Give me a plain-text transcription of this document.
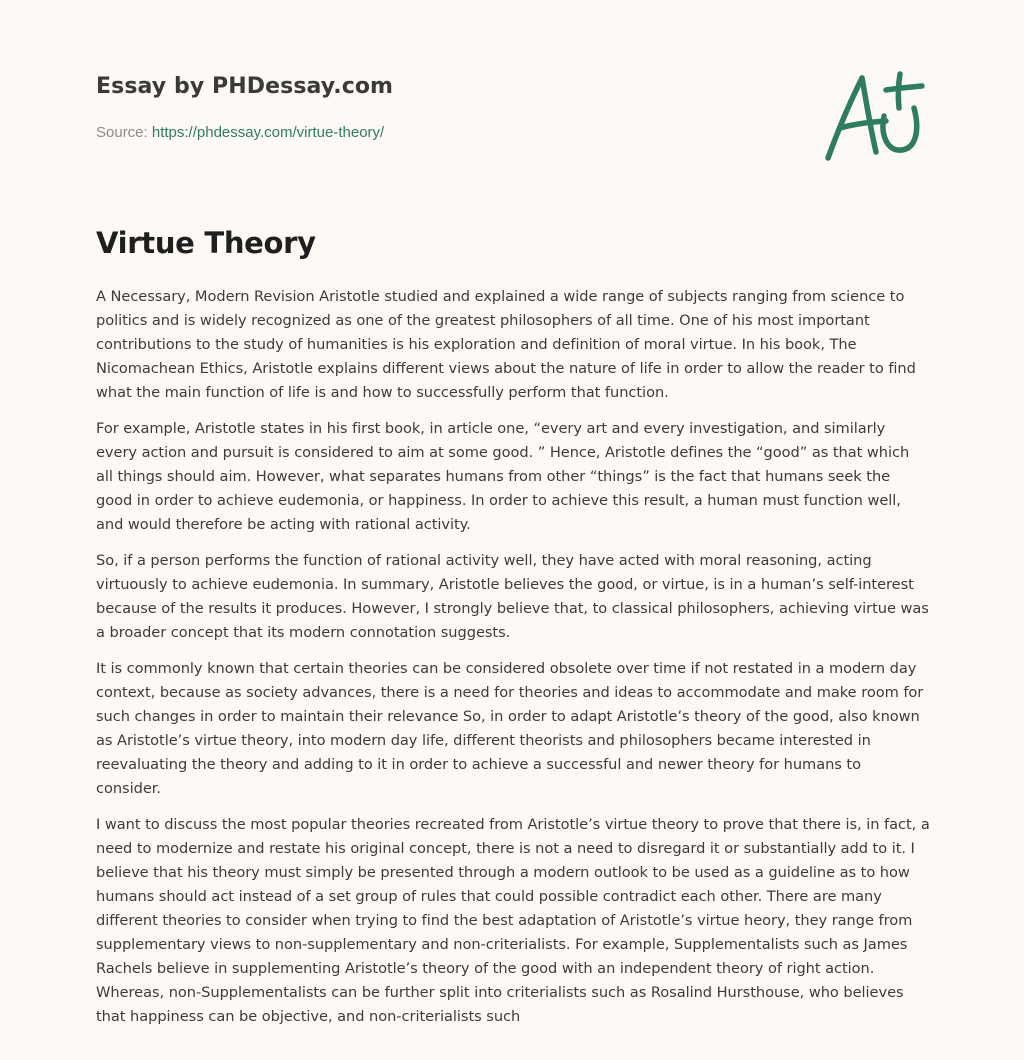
Essay by PHDessay.com
Source: https://phdessay.com/virtue-theory/
Virtue Theory

A Necessary, Modern Revision Aristotle studied and explained a wide range of subjects ranging from science to politics and is widely recognized as one of the greatest philosophers of all time. One of his most important contributions to the study of humanities is his exploration and definition of moral virtue. In his book, The Nicomachean Ethics, Aristotle explains different views about the nature of life in order to allow the reader to find what the main function of life is and how to successfully perform that function.

For example, Aristotle states in his first book, in article one, “every art and every investigation, and similarly every action and pursuit is considered to aim at some good. ” Hence, Aristotle defines the “good” as that which all things should aim. However, what separates humans from other “things” is the fact that humans seek the good in order to achieve eudemonia, or happiness. In order to achieve this result, a human must function well, and would therefore be acting with rational activity.

So, if a person performs the function of rational activity well, they have acted with moral reasoning, acting virtuously to achieve eudemonia. In summary, Aristotle believes the good, or virtue, is in a human’s self-interest because of the results it produces. However, I strongly believe that, to classical philosophers, achieving virtue was a broader concept that its modern connotation suggests.

It is commonly known that certain theories can be considered obsolete over time if not restated in a modern day context, because as society advances, there is a need for theories and ideas to accommodate and make room for such changes in order to maintain their relevance So, in order to adapt Aristotle’s theory of the good, also known as Aristotle’s virtue theory, into modern day life, different theorists and philosophers became interested in reevaluating the theory and adding to it in order to achieve a successful and newer theory for humans to consider.

I want to discuss the most popular theories recreated from Aristotle’s virtue theory to prove that there is, in fact, a need to modernize and restate his original concept, there is not a need to disregard it or substantially add to it. I believe that his theory must simply be presented through a modern outlook to be used as a guideline as to how humans should act instead of a set group of rules that could possible contradict each other. There are many different theories to consider when trying to find the best adaptation of Aristotle’s virtue heory, they range from supplementary views to non-supplementary and non-criterialists. For example, Supplementalists such as James Rachels believe in supplementing Aristotle’s theory of the good with an independent theory of right action. Whereas, non-Supplementalists can be further split into criterialists such as Rosalind Hursthouse, who believes that happiness can be objective, and non-criterialists such
